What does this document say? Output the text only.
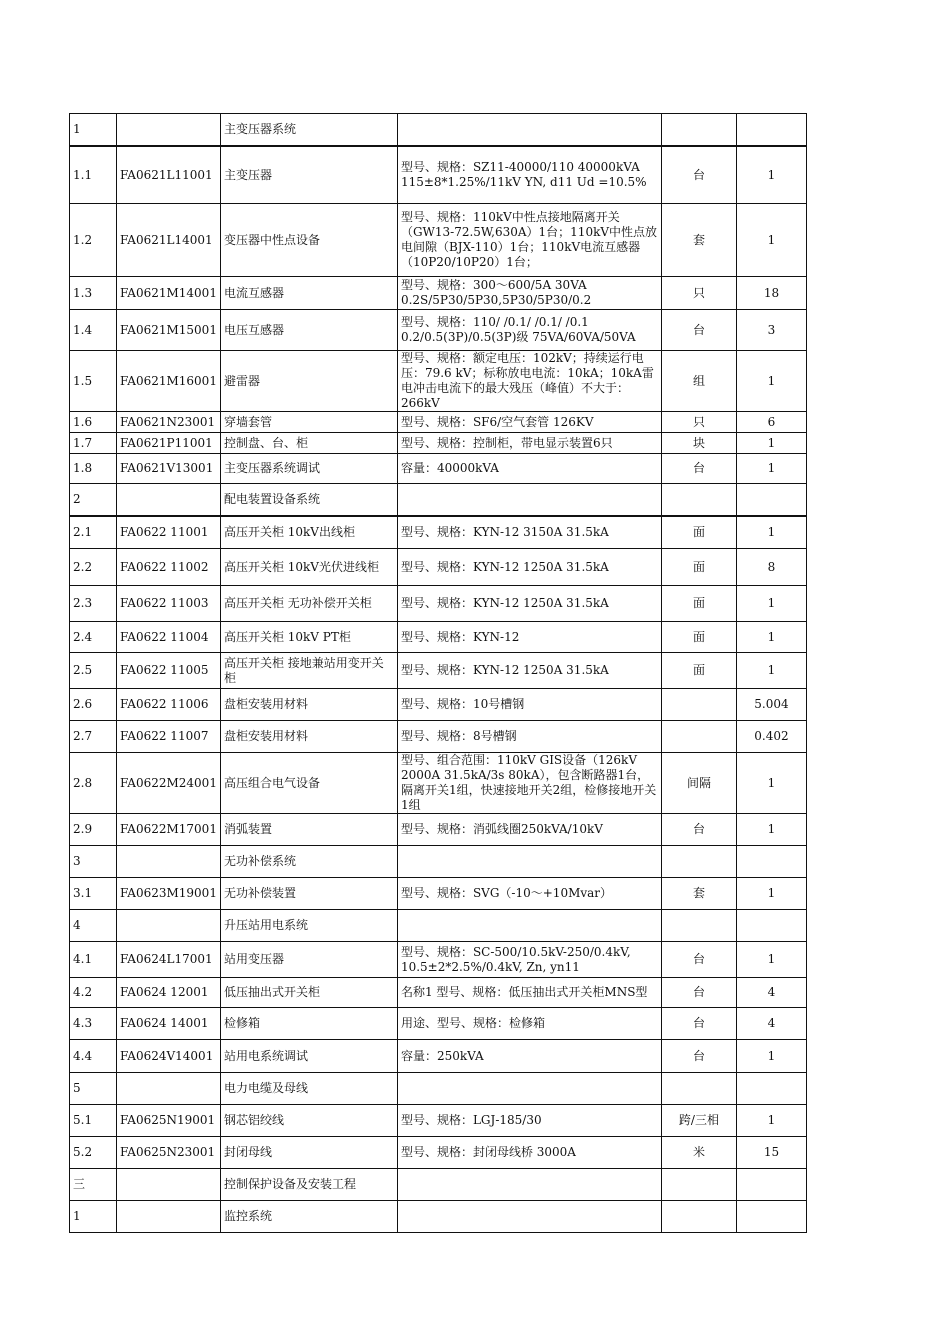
1		主变压器系统			
1.1	FA0621L11001	主变压器	型号、规格：SZ11-40000/110 40000kVA 115±8*1.25%/11kV YN, d11 Ud =10.5%	台	1
1.2	FA0621L14001	变压器中性点设备	型号、规格：110kV中性点接地隔离开关（GW13-72.5W,630A）1台；110kV中性点放电间隙（BJX-110）1台；110kV电流互感器（10P20/10P20）1台；	套	1
1.3	FA0621M14001	电流互感器	型号、规格：300～600/5A 30VA 0.2S/5P30/5P30,5P30/5P30/0.2	只	18
1.4	FA0621M15001	电压互感器	型号、规格：110/ /0.1/ /0.1/ /0.1 0.2/0.5(3P)/0.5(3P)级 75VA/60VA/50VA	台	3
1.5	FA0621M16001	避雷器	型号、规格：额定电压：102kV；持续运行电压：79.6 kV；标称放电电流：10kA；10kA雷电冲击电流下的最大残压（峰值）不大于：266kV	组	1
1.6	FA0621N23001	穿墙套管	型号、规格：SF6/空气套管 126KV	只	6
1.7	FA0621P11001	控制盘、台、柜	型号、规格：控制柜，带电显示装置6只	块	1
1.8	FA0621V13001	主变压器系统调试	容量：40000kVA	台	1
2		配电装置设备系统			
2.1	FA0622 11001	高压开关柜 10kV出线柜	型号、规格：KYN-12 3150A 31.5kA	面	1
2.2	FA0622 11002	高压开关柜 10kV光伏进线柜	型号、规格：KYN-12 1250A 31.5kA	面	8
2.3	FA0622 11003	高压开关柜 无功补偿开关柜	型号、规格：KYN-12 1250A 31.5kA	面	1
2.4	FA0622 11004	高压开关柜 10kV PT柜	型号、规格：KYN-12	面	1
2.5	FA0622 11005	高压开关柜 接地兼站用变开关柜	型号、规格：KYN-12 1250A 31.5kA	面	1
2.6	FA0622 11006	盘柜安装用材料	型号、规格：10号槽钢		5.004
2.7	FA0622 11007	盘柜安装用材料	型号、规格：8号槽钢		0.402
2.8	FA0622M24001	高压组合电气设备	型号、组合范围：110kV GIS设备（126kV 2000A 31.5kA/3s 80kA），包含断路器1台，隔离开关1组，快速接地开关2组，检修接地开关1组	间隔	1
2.9	FA0622M17001	消弧装置	型号、规格：消弧线圈250kVA/10kV	台	1
3		无功补偿系统			
3.1	FA0623M19001	无功补偿装置	型号、规格：SVG（-10～+10Mvar）	套	1
4		升压站用电系统			
4.1	FA0624L17001	站用变压器	型号、规格：SC-500/10.5kV-250/0.4kV, 10.5±2*2.5%/0.4kV, Zn, yn11	台	1
4.2	FA0624 12001	低压抽出式开关柜	名称1 型号、规格：低压抽出式开关柜MNS型	台	4
4.3	FA0624 14001	检修箱	用途、型号、规格：检修箱	台	4
4.4	FA0624V14001	站用电系统调试	容量：250kVA	台	1
5		电力电缆及母线			
5.1	FA0625N19001	钢芯铝绞线	型号、规格：LGJ-185/30	跨/三相	1
5.2	FA0625N23001	封闭母线	型号、规格：封闭母线桥 3000A	米	15
三		控制保护设备及安装工程			
1		监控系统			
